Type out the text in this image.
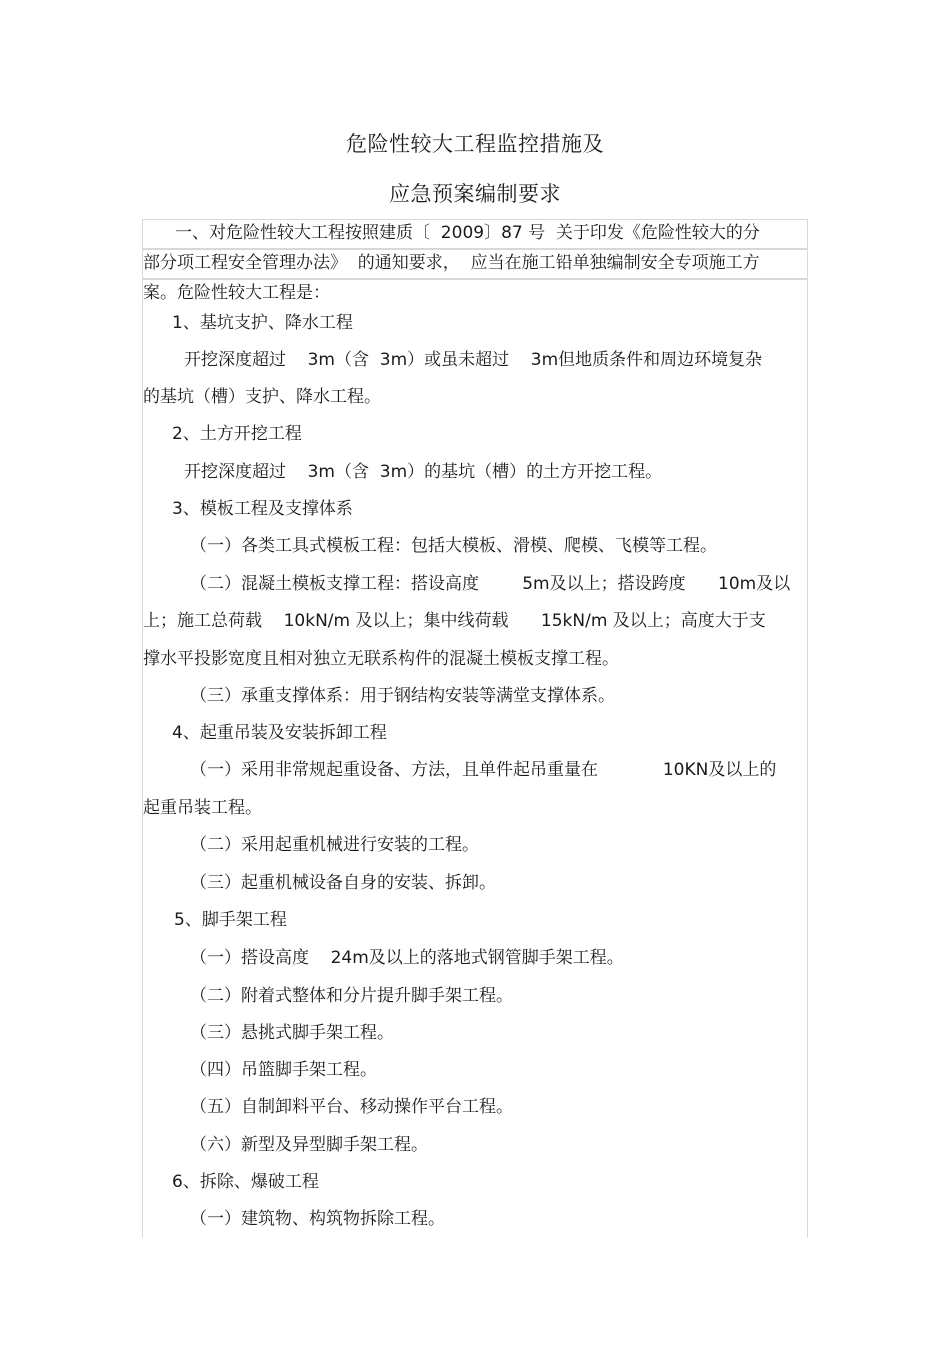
危险性较大工程监控措施及
应急预案编制要求
一、对危险性较大工程按照建质〔  2009〕87 号  关于印发《危险性较大的分
部分项工程安全管理办法》  的通知要求，  应当在施工铅单独编制安全专项施工方
案。危险性较大工程是：
1、基坑支护、降水工程
开挖深度超过    3m（含  3m）或虽未超过    3m但地质条件和周边环境复杂
的基坑（槽）支护、降水工程。
2、土方开挖工程
开挖深度超过    3m（含  3m）的基坑（槽）的土方开挖工程。
3、模板工程及支撑体系
（一）各类工具式模板工程：包括大模板、滑模、爬模、飞模等工程。
（二）混凝土模板支撑工程：搭设高度        5m及以上；搭设跨度      10m及以
上；施工总荷载    10kN/m 及以上；集中线荷载      15kN/m 及以上；高度大于支
撑水平投影宽度且相对独立无联系构件的混凝土模板支撑工程。
（三）承重支撑体系：用于钢结构安装等满堂支撑体系。
4、起重吊装及安装拆卸工程
（一）采用非常规起重设备、方法，且单件起吊重量在            10KN及以上的
起重吊装工程。
（二）采用起重机械进行安装的工程。
（三）起重机械设备自身的安装、拆卸。
5、脚手架工程
（一）搭设高度    24m及以上的落地式钢管脚手架工程。
（二）附着式整体和分片提升脚手架工程。
（三）悬挑式脚手架工程。
（四）吊篮脚手架工程。
（五）自制卸料平台、移动操作平台工程。
（六）新型及异型脚手架工程。
6、拆除、爆破工程
（一）建筑物、构筑物拆除工程。
